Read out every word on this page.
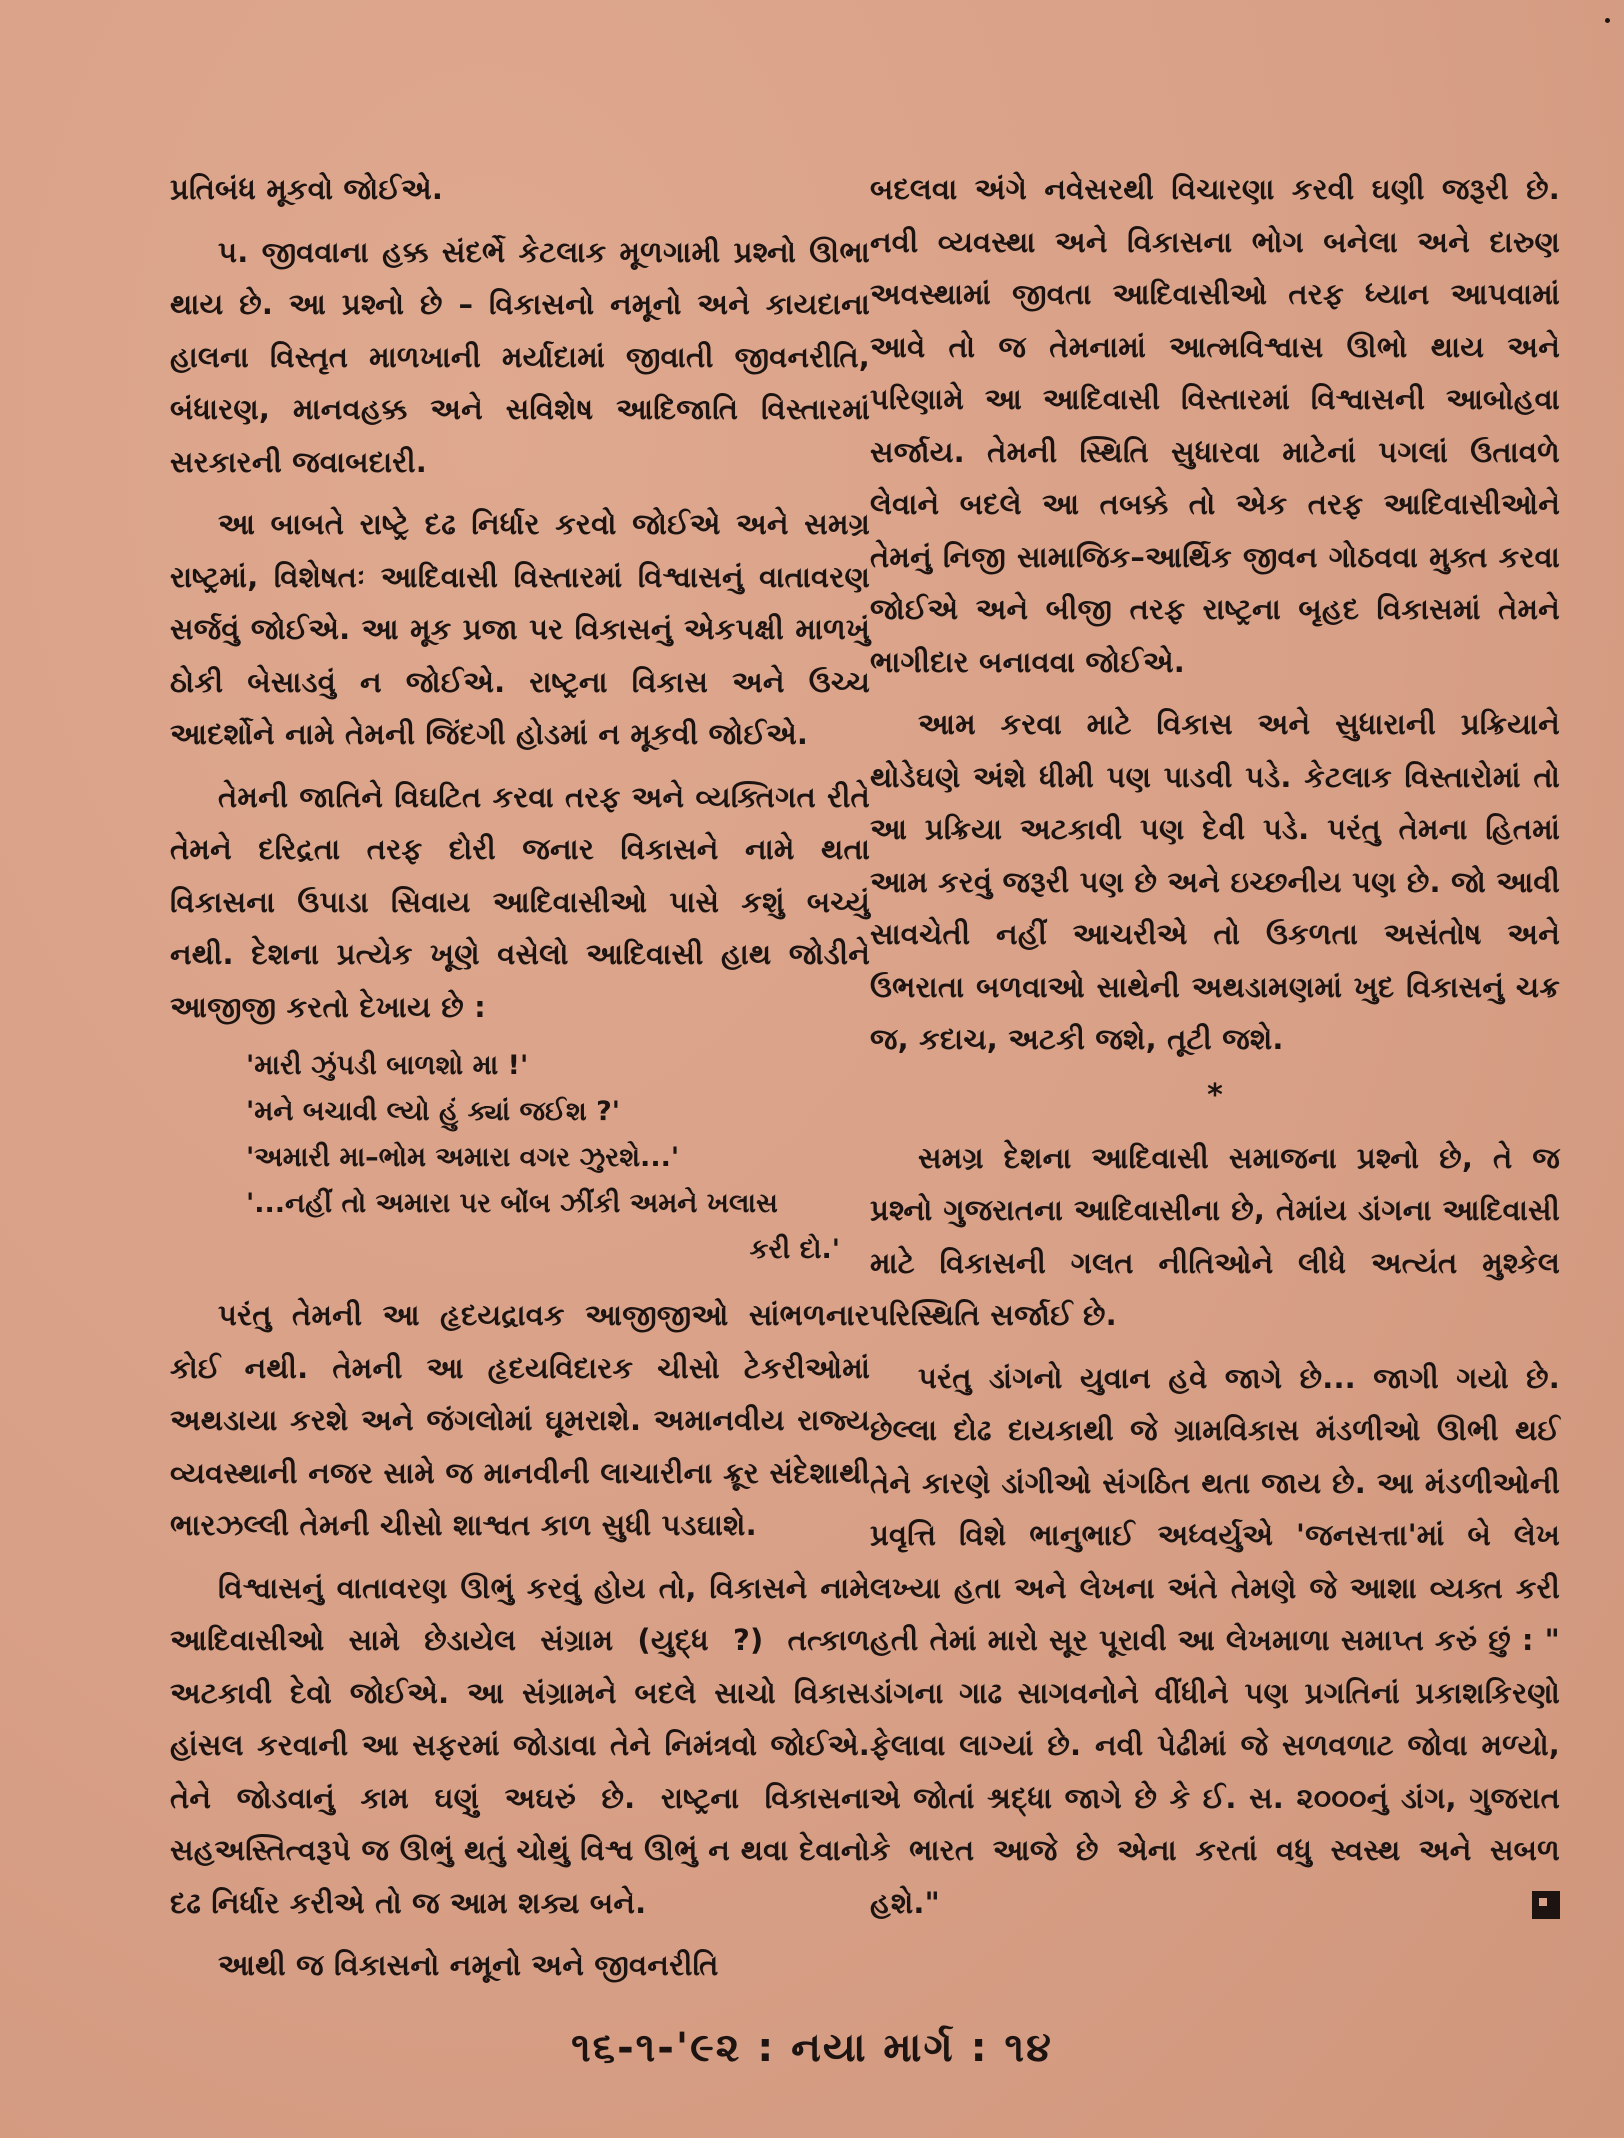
પ્રતિબંધ મૂકવો જોઈએ.

૫. જીવવાના હક્ક સંદર્ભે કેટલાક મૂળગામી પ્રશ્નો ઊભા થાય છે. આ પ્રશ્નો છે – વિકાસનો નમૂનો અને કાયદાના હાલના વિસ્તૃત માળખાની મર્યાદામાં જીવાતી જીવનરીતિ, બંધારણ, માનવહક્ક અને સવિશેષ આદિજાતિ વિસ્તારમાં સરકારની જવાબદારી.

આ બાબતે રાષ્ટ્રે દઢ નિર્ધાર કરવો જોઈએ અને સમગ્ર રાષ્ટ્રમાં, વિશેષતઃ આદિવાસી વિસ્તારમાં વિશ્વાસનું વાતાવરણ સર્જવું જોઈએ. આ મૂક પ્રજા પર વિકાસનું એકપક્ષી માળખું ઠોકી બેસાડવું ન જોઈએ. રાષ્ટ્રના વિકાસ અને ઉચ્ચ આદર્શોને નામે તેમની જિંદગી હોડમાં ન મૂકવી જોઈએ.

તેમની જાતિને વિઘટિત કરવા તરફ અને વ્યક્તિગત રીતે તેમને દરિદ્રતા તરફ દોરી જનાર વિકાસને નામે થતા વિકાસના ઉપાડા સિવાય આદિવાસીઓ પાસે કશું બચ્યું નથી. દેશના પ્રત્યેક ખૂણે વસેલો આદિવાસી હાથ જોડીને આજીજી કરતો દેખાય છે :

'મારી ઝુંપડી બાળશો મા !'

'મને બચાવી લ્યો હું ક્યાં જઈશ ?'

'અમારી મા–ભોમ અમારા વગર ઝુરશે...'

'...નહીં તો અમારા પર બોંબ ઝીંકી અમને ખલાસ

કરી દો.'

પરંતુ તેમની આ હૃદયદ્રાવક આજીજીઓ સાંભળનાર કોઈ નથી. તેમની આ હૃદયવિદારક ચીસો ટેકરીઓમાં અથડાયા કરશે અને જંગલોમાં ઘૂમરાશે. અમાનવીય રાજ્ય વ્યવસ્થાની નજર સામે જ માનવીની લાચારીના ક્રૂર સંદેશાથી ભારઝલ્લી તેમની ચીસો શાશ્વત કાળ સુધી પડઘાશે.

વિશ્વાસનું વાતાવરણ ઊભું કરવું હોય તો, વિકાસને નામે આદિવાસીઓ સામે છેડાયેલ સંગ્રામ (યુદ્ધ ?) તત્કાળ અટકાવી દેવો જોઈએ. આ સંગ્રામને બદલે સાચો વિકાસ હાંસલ કરવાની આ સફરમાં જોડાવા તેને નિમંત્રવો જોઈએ. તેને જોડવાનું કામ ઘણું અઘરું છે. રાષ્ટ્રના વિકાસના સહઅસ્તિત્વરૂપે જ ઊભું થતું ચોથું વિશ્વ ઊભું ન થવા દેવાનો દઢ નિર્ધાર કરીએ તો જ આમ શક્ય બને.

આથી જ વિકાસનો નમૂનો અને જીવનરીતિ

બદલવા અંગે નવેસરથી વિચારણા કરવી ઘણી જરૂરી છે. નવી વ્યવસ્થા અને વિકાસના ભોગ બનેલા અને દારુણ અવસ્થામાં જીવતા આદિવાસીઓ તરફ ધ્યાન આપવામાં આવે તો જ તેમનામાં આત્મવિશ્વાસ ઊભો થાય અને પરિણામે આ આદિવાસી વિસ્તારમાં વિશ્વાસની આબોહવા સર્જાય. તેમની સ્થિતિ સુધારવા માટેનાં પગલાં ઉતાવળે લેવાને બદલે આ તબક્કે તો એક તરફ આદિવાસીઓને તેમનું નિજી સામાજિક–આર્થિક જીવન ગોઠવવા મુક્ત કરવા જોઈએ અને બીજી તરફ રાષ્ટ્રના બૃહદ વિકાસમાં તેમને ભાગીદાર બનાવવા જોઈએ.

આમ કરવા માટે વિકાસ અને સુધારાની પ્રક્રિયાને થોડેઘણે અંશે ધીમી પણ પાડવી પડે. કેટલાક વિસ્તારોમાં તો આ પ્રક્રિયા અટકાવી પણ દેવી પડે. પરંતુ તેમના હિતમાં આમ કરવું જરૂરી પણ છે અને ઇચ્છનીય પણ છે. જો આવી સાવચેતી નહીં આચરીએ તો ઉકળતા અસંતોષ અને ઉભરાતા બળવાઓ સાથેની અથડામણમાં ખુદ વિકાસનું ચક્ર જ, કદાચ, અટકી જશે, તૂટી જશે.

*

સમગ્ર દેશના આદિવાસી સમાજના પ્રશ્નો છે, તે જ પ્રશ્નો ગુજરાતના આદિવાસીના છે, તેમાંય ડાંગના આદિવાસી માટે વિકાસની ગલત નીતિઓને લીધે અત્યંત મુશ્કેલ પરિસ્થિતિ સર્જાઈ છે.

પરંતુ ડાંગનો યુવાન હવે જાગે છે... જાગી ગયો છે. છેલ્લા દોઢ દાયકાથી જે ગ્રામવિકાસ મંડળીઓ ઊભી થઈ તેને કારણે ડાંગીઓ સંગઠિત થતા જાય છે. આ મંડળીઓની પ્રવૃત્તિ વિશે ભાનુભાઈ અધ્વર્યુએ 'જનસત્તા'માં બે લેખ લખ્યા હતા અને લેખના અંતે તેમણે જે આશા વ્યક્ત કરી હતી તેમાં મારો સૂર પૂરાવી આ લેખમાળા સમાપ્ત કરું છું : " ડાંગના ગાઢ સાગવનોને વીંધીને પણ પ્રગતિનાં પ્રકાશકિરણો ફેલાવા લાગ્યાં છે. નવી પેઢીમાં જે સળવળાટ જોવા મળ્યો, એ જોતાં શ્રદ્ધા જાગે છે કે ઈ. સ. ૨૦૦૦નું ડાંગ, ગુજરાત કે ભારત આજે છે એના કરતાં વધુ સ્વસ્થ અને સબળ હશે."

૧૬-૧-'૯૨ : નયા માર્ગ : ૧૪
